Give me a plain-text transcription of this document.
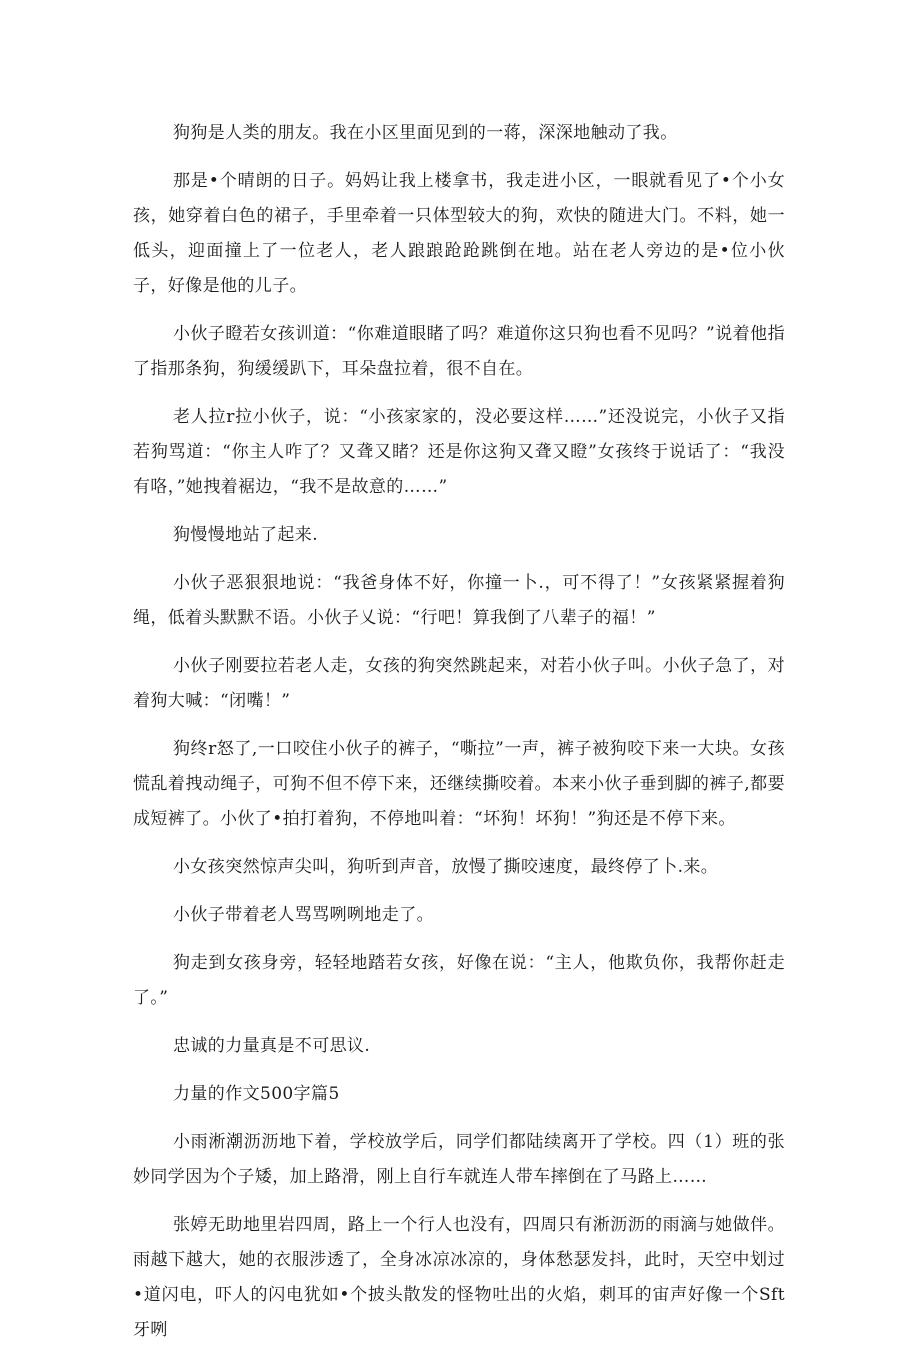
狗狗是人类的朋友。我在小区里面见到的一蒋，深深地触动了我。

那是•个晴朗的日子。妈妈让我上楼拿书，我走进小区，一眼就看见了•个小女孩，她穿着白色的裙子，手里牵着一只体型较大的狗，欢快的随进大门。不料，她一低头，迎面撞上了一位老人，老人踉踉跄跄跳倒在地。站在老人旁边的是•位小伙子，好像是他的儿子。

小伙子瞪若女孩训道：“你难道眼睹了吗？难道你这只狗也看不见吗？”说着他指了指那条狗，狗缓缓趴下，耳朵盘拉着，很不自在。

老人拉r拉小伙子，说：“小孩家家的，没必要这样……”还没说完，小伙子又指若狗骂道：“你主人咋了？又聋又睹？还是你这狗又聋又瞪”女孩终于说话了：“我没有咯，”她拽着裾边，“我不是故意的……”

狗慢慢地站了起来.

小伙子恶狠狠地说：“我爸身体不好，你撞一卜.，可不得了！”女孩紧紧握着狗绳，低着头默默不语。小伙子乂说：“行吧！算我倒了八辈子的福！”

小伙子刚要拉若老人走，女孩的狗突然跳起来，对若小伙子叫。小伙子急了，对着狗大喊：“闭嘴！”

狗终r怒了,一口咬住小伙子的裤子，“嘶拉”一声，裤子被狗咬下来一大块。女孩慌乱着拽动绳子，可狗不但不停下来，还继续撕咬着。本来小伙子垂到脚的裤子,都要成短裤了。小伙了•拍打着狗，不停地叫着：“坏狗！坏狗！”狗还是不停下来。

小女孩突然惊声尖叫，狗听到声音，放慢了撕咬速度，最终停了卜.来。

小伙子带着老人骂骂咧咧地走了。

狗走到女孩身旁，轻轻地踏若女孩，好像在说：“主人，他欺负你，我帮你赶走了。”

忠诚的力量真是不可思议.

力量的作文500字篇5

小雨淅潮沥沥地下着，学校放学后，同学们都陆续离开了学校。四（1）班的张妙同学因为个子矮，加上路滑，刚上自行车就连人带车摔倒在了马路上……

张婷无助地里岩四周，路上一个行人也没有，四周只有淅沥沥的雨滴与她做伴。雨越下越大，她的衣服涉透了，全身冰凉冰凉的，身体愁瑟发抖，此时，天空中划过•道闪电，吓人的闪电犹如•个披头散发的怪物吐出的火焰，刺耳的宙声好像一个Sft牙咧
